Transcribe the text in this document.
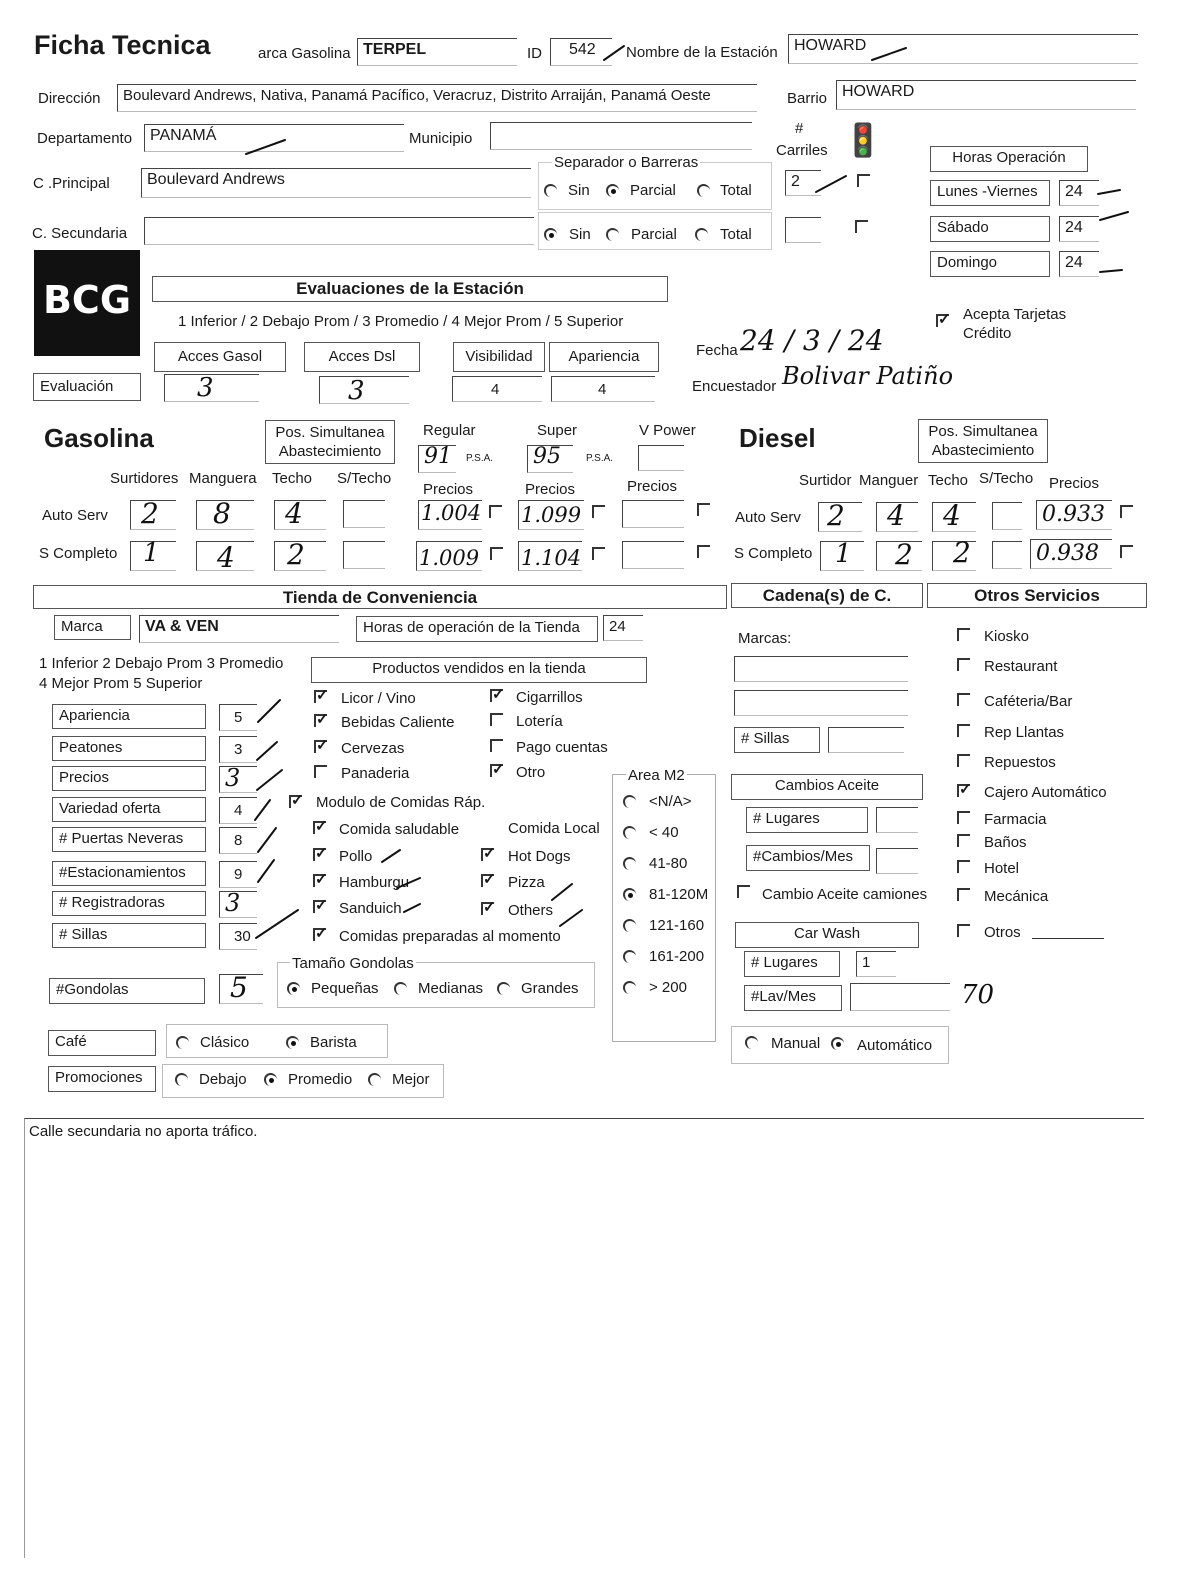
Ficha Tecnica	arca Gasolina TERPEL	ID 542 Nombre de la Estación HOWARD
Dirección Boulevard Andrews, Nativa, Panamá Pacífico, Veracruz, Distrito Arraiján, Panamá Oeste	Barrio HOWARD
Departamento PANAMÁ	Municipio
C .Principal Boulevard Andrews
C. Secundaria
Separador o Barreras
Sin	Parcial	Total
Sin	Parcial	Total
#
Carriles 🚦
2
Horas Operación
Lunes -Viernes	24
Sábado	24
Domingo	24
BCG	Evaluaciones de la Estación
1 Inferior / 2 Debajo Prom / 3 Promedio / 4 Mejor Prom / 5 Superior
Acces Gasol	Acces Dsl	Visibilidad	Apariencia
Evaluación	3	3	4	4
✓
Acepta Tarjetas Crédito
Fecha 24 / 3 / 24
Encuestador Bolivar Patiño
Gasolina	Pos. Simultanea Abastecimiento
Regular
91 P.S.A.
Super
95	P.S.A.
V Power
Surtidores Manguera Techo S/Techo
Precios	Precios	Precios
Auto Serv 2 8 4	1.004 1.099
S Completo 1 4 2	1.009 1.104
Diesel	Pos. Simultanea Abastecimiento
Surtidor Manguer Techo S/Techo Precios
Auto Serv 2 4 4	0.933
S Completo 1 2 2	0.938
Tienda de Conveniencia	Cadena(s) de C.	Otros Servicios
Marca	VA & VEN	Horas de operación de la Tienda	24
1 Inferior 2 Debajo Prom 3 Promedio
4 Mejor Prom 5 Superior
Apariencia	5
Peatones	3
Precios	3
Variedad oferta	4
# Puertas Neveras	8
#Estacionamientos	9
# Registradoras	3
# Sillas	30
#Gondolas	5
Productos vendidos en la tienda
✓
Licor / Vino
✓
Bebidas Caliente
✓
Cervezas
Panaderia
✓
Cigarrillos
Lotería
Pago cuentas
✓
Otro
✓
Modulo de Comidas Ráp.
Comida Local
✓
Comida saludable
✓
Pollo
✓
Hamburgu
✓
Sanduich
✓
Comidas preparadas al momento
✓
Hot Dogs
✓
Pizza
✓
Others
Tamaño Gondolas
Pequeñas	Medianas	Grandes
Café	Clásico	Barista
Promociones	Debajo	Promedio	Mejor
Area M2
<N/A>
< 40
41-80
81-120M
121-160
161-200
> 200
Marcas:
# Sillas
Cambios Aceite
# Lugares
#Cambios/Mes
Cambio Aceite camiones
Car Wash
# Lugares	1
#Lav/Mes	70
Manual Automático
Kiosko
Restaurant
Caféteria/Bar
Rep Llantas
Repuestos
✓
Cajero Automático
Farmacia
Baños
Hotel
Mecánica
Otros
Calle secundaria no aporta tráfico.
